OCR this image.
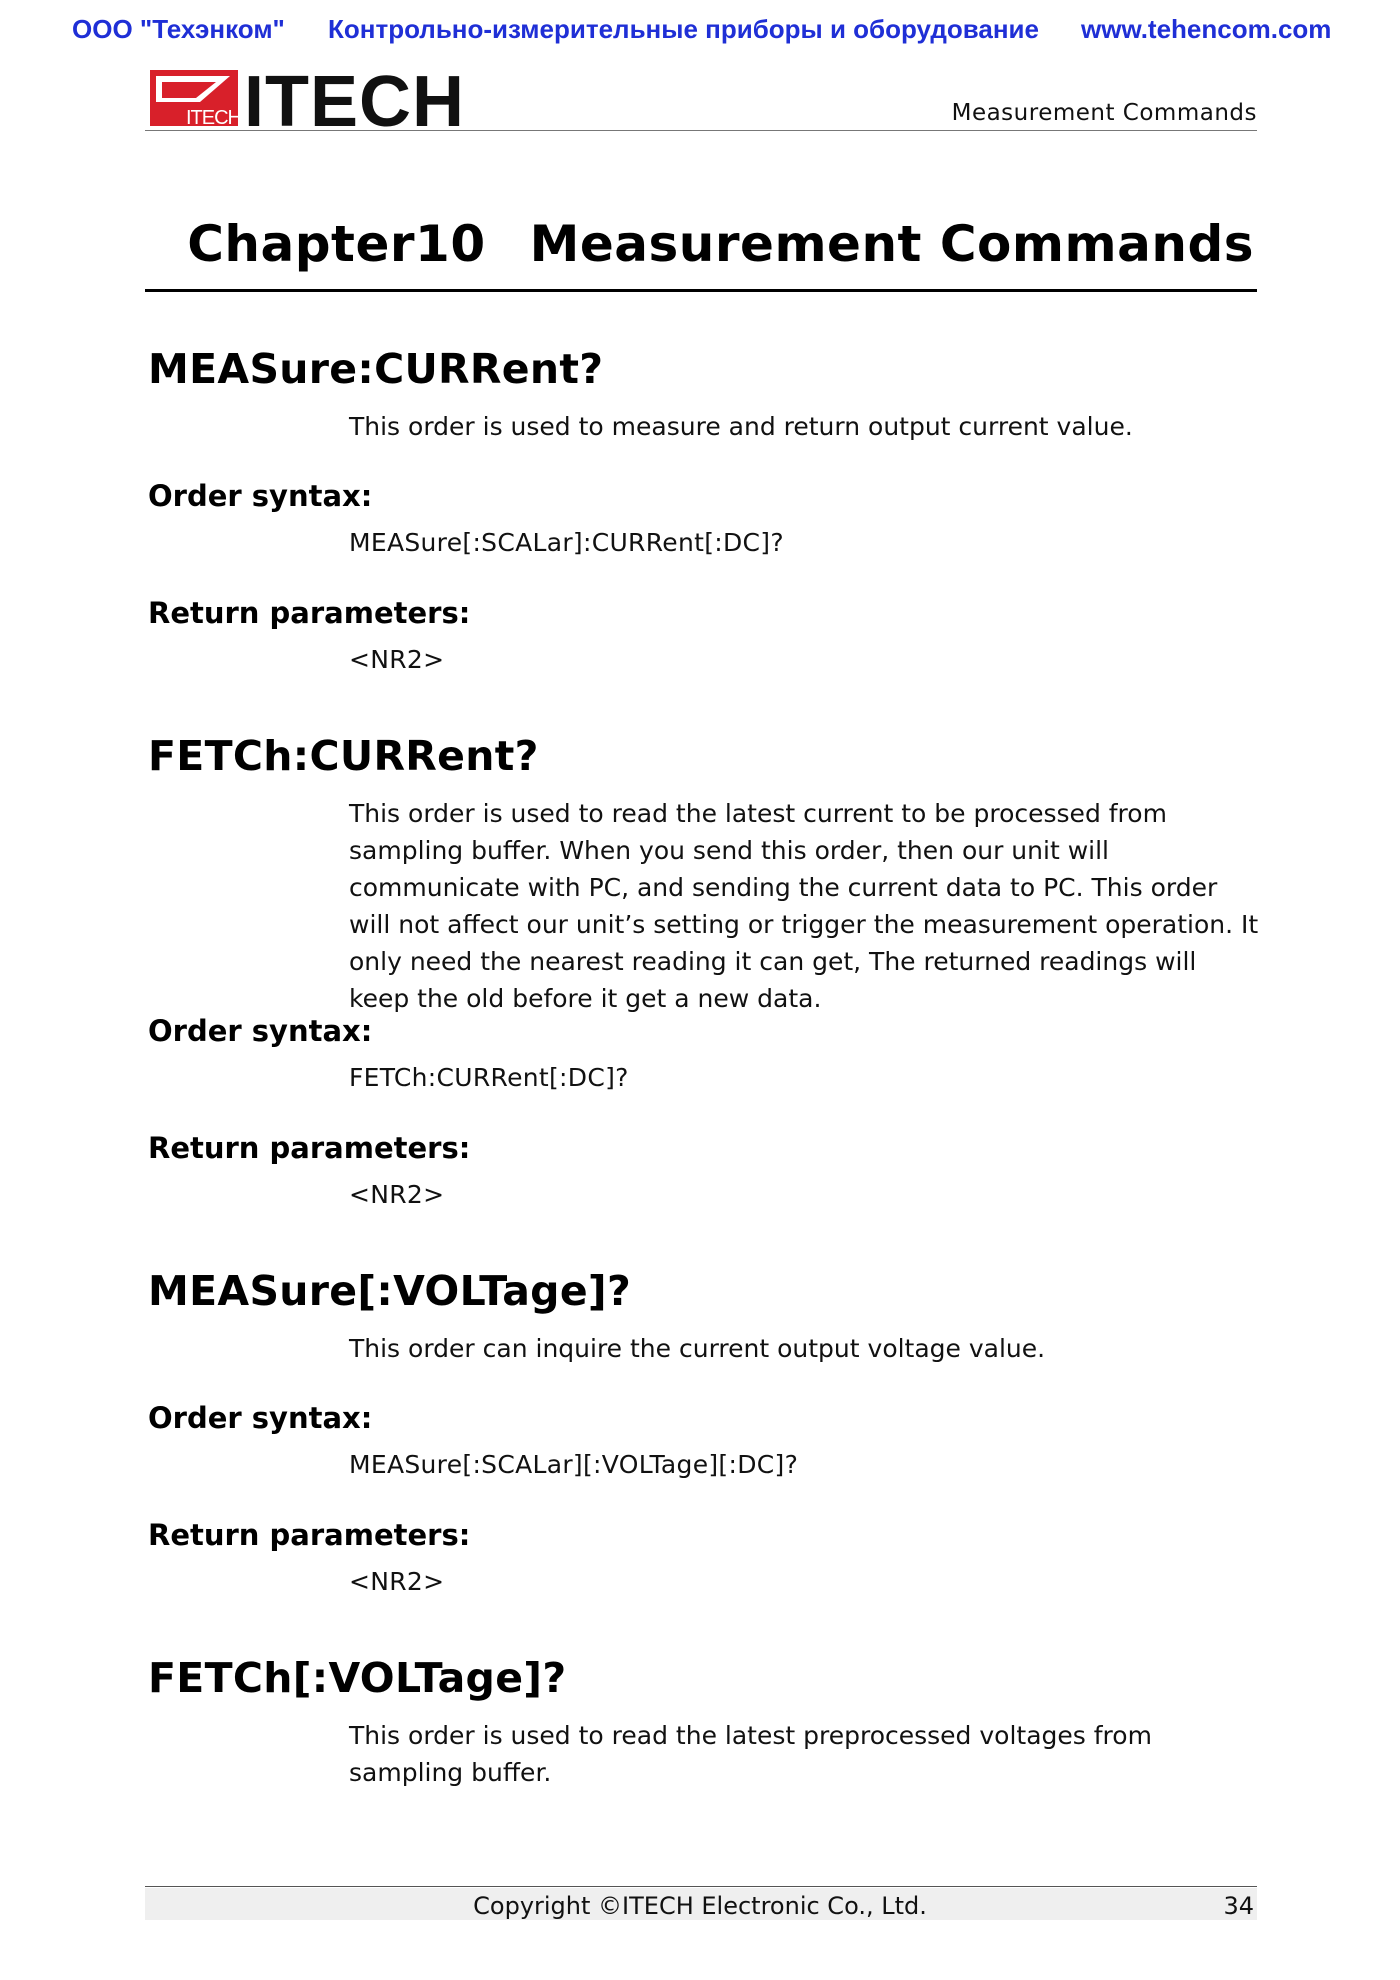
ООО "Техэнком" Контрольно-измерительные приборы и оборудование www.tehencom.com
ITECH ITECH	Measurement Commands
Chapter10 Measurement Commands
MEASure:CURRent?
This order is used to measure and return output current value.
Order syntax:
MEASure[:SCALar]:CURRent[:DC]?
Return parameters:
<NR2>
FETCh:CURRent?
This order is used to read the latest current to be processed from sampling buffer. When you send this order, then our unit will communicate with PC, and sending the current data to PC. This order will not affect our unit’s setting or trigger the measurement operation. It only need the nearest reading it can get, The returned readings will keep the old before it get a new data.
Order syntax:
FETCh:CURRent[:DC]?
Return parameters:
<NR2>
MEASure[:VOLTage]?
This order can inquire the current output voltage value.
Order syntax:
MEASure[:SCALar][:VOLTage][:DC]?
Return parameters:
<NR2>
FETCh[:VOLTage]?
This order is used to read the latest preprocessed voltages from sampling buffer.
Copyright ©ITECH Electronic Co., Ltd.	34
